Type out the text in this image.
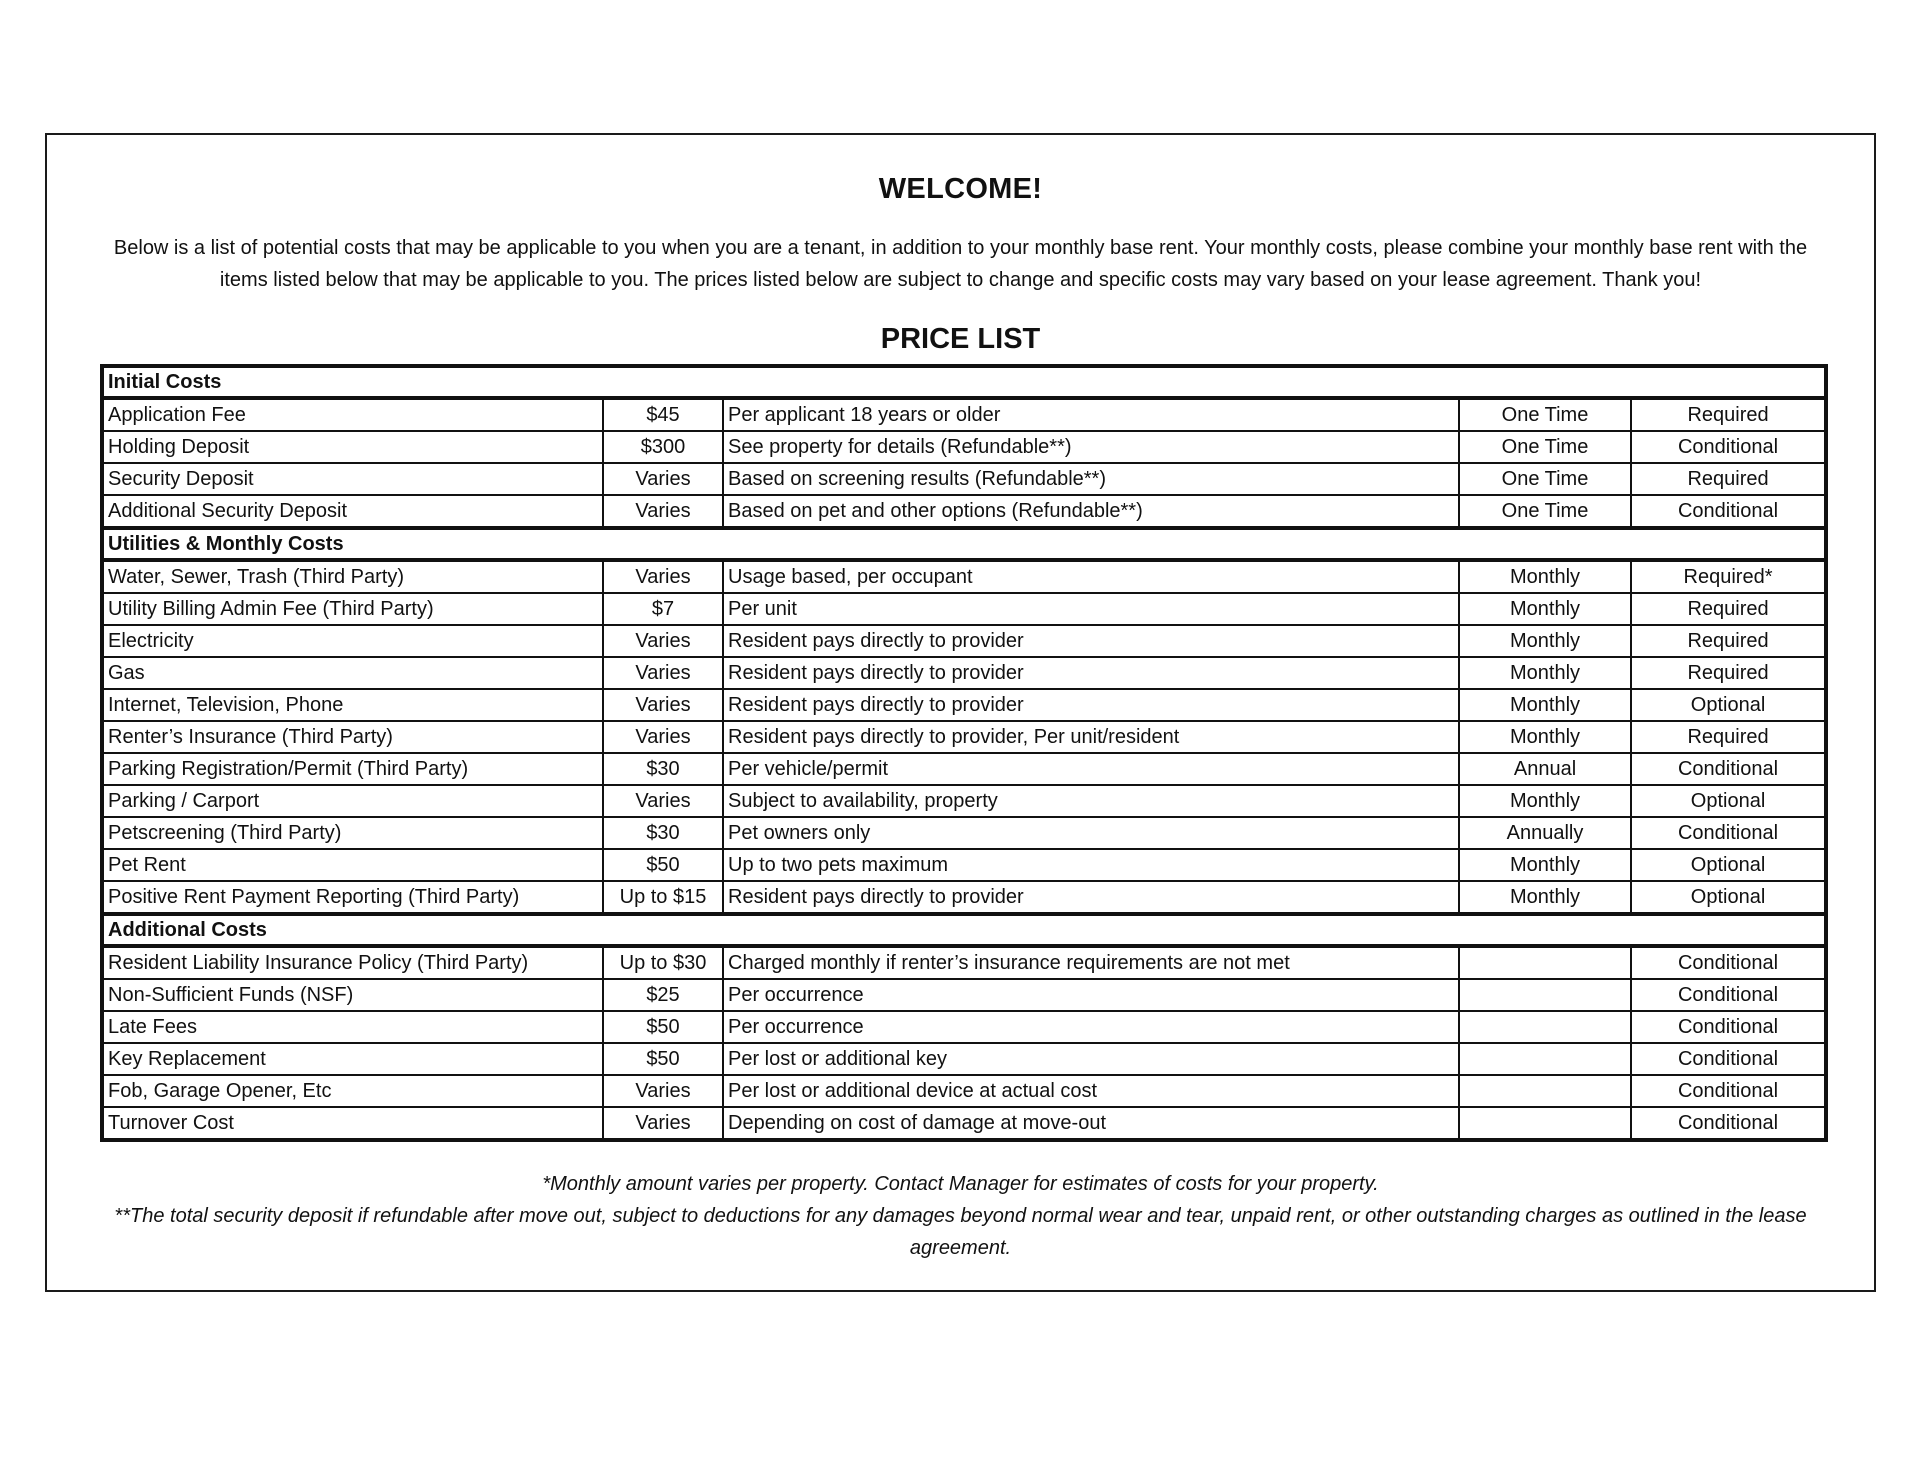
WELCOME!
Below is a list of potential costs that may be applicable to you when you are a tenant, in addition to your monthly base rent. Your monthly costs, please combine your monthly base rent with the items listed below that may be applicable to you. The prices listed below are subject to change and specific costs may vary based on your lease agreement. Thank you!
PRICE LIST
Initial Costs				
Application Fee	$45	Per applicant 18 years or older	One Time	Required
Holding Deposit	$300	See property for details (Refundable**)	One Time	Conditional
Security Deposit	Varies	Based on screening results (Refundable**)	One Time	Required
Additional Security Deposit	Varies	Based on pet and other options (Refundable**)	One Time	Conditional
Utilities & Monthly Costs				
Water, Sewer, Trash (Third Party)	Varies	Usage based, per occupant	Monthly	Required*
Utility Billing Admin Fee (Third Party)	$7	Per unit	Monthly	Required
Electricity	Varies	Resident pays directly to provider	Monthly	Required
Gas	Varies	Resident pays directly to provider	Monthly	Required
Internet, Television, Phone	Varies	Resident pays directly to provider	Monthly	Optional
Renter’s Insurance (Third Party)	Varies	Resident pays directly to provider, Per unit/resident	Monthly	Required
Parking Registration/Permit (Third Party)	$30	Per vehicle/permit	Annual	Conditional
Parking / Carport	Varies	Subject to availability, property	Monthly	Optional
Petscreening (Third Party)	$30	Pet owners only	Annually	Conditional
Pet Rent	$50	Up to two pets maximum	Monthly	Optional
Positive Rent Payment Reporting (Third Party)	Up to $15	Resident pays directly to provider	Monthly	Optional
Additional Costs				
Resident Liability Insurance Policy (Third Party)	Up to $30	Charged monthly if renter’s insurance requirements are not met		Conditional
Non-Sufficient Funds (NSF)	$25	Per occurrence		Conditional
Late Fees	$50	Per occurrence		Conditional
Key Replacement	$50	Per lost or additional key		Conditional
Fob, Garage Opener, Etc	Varies	Per lost or additional device at actual cost		Conditional
Turnover Cost	Varies	Depending on cost of damage at move-out		Conditional
*Monthly amount varies per property. Contact Manager for estimates of costs for your property.
**The total security deposit if refundable after move out, subject to deductions for any damages beyond normal wear and tear, unpaid rent, or other outstanding charges as outlined in the lease agreement.
